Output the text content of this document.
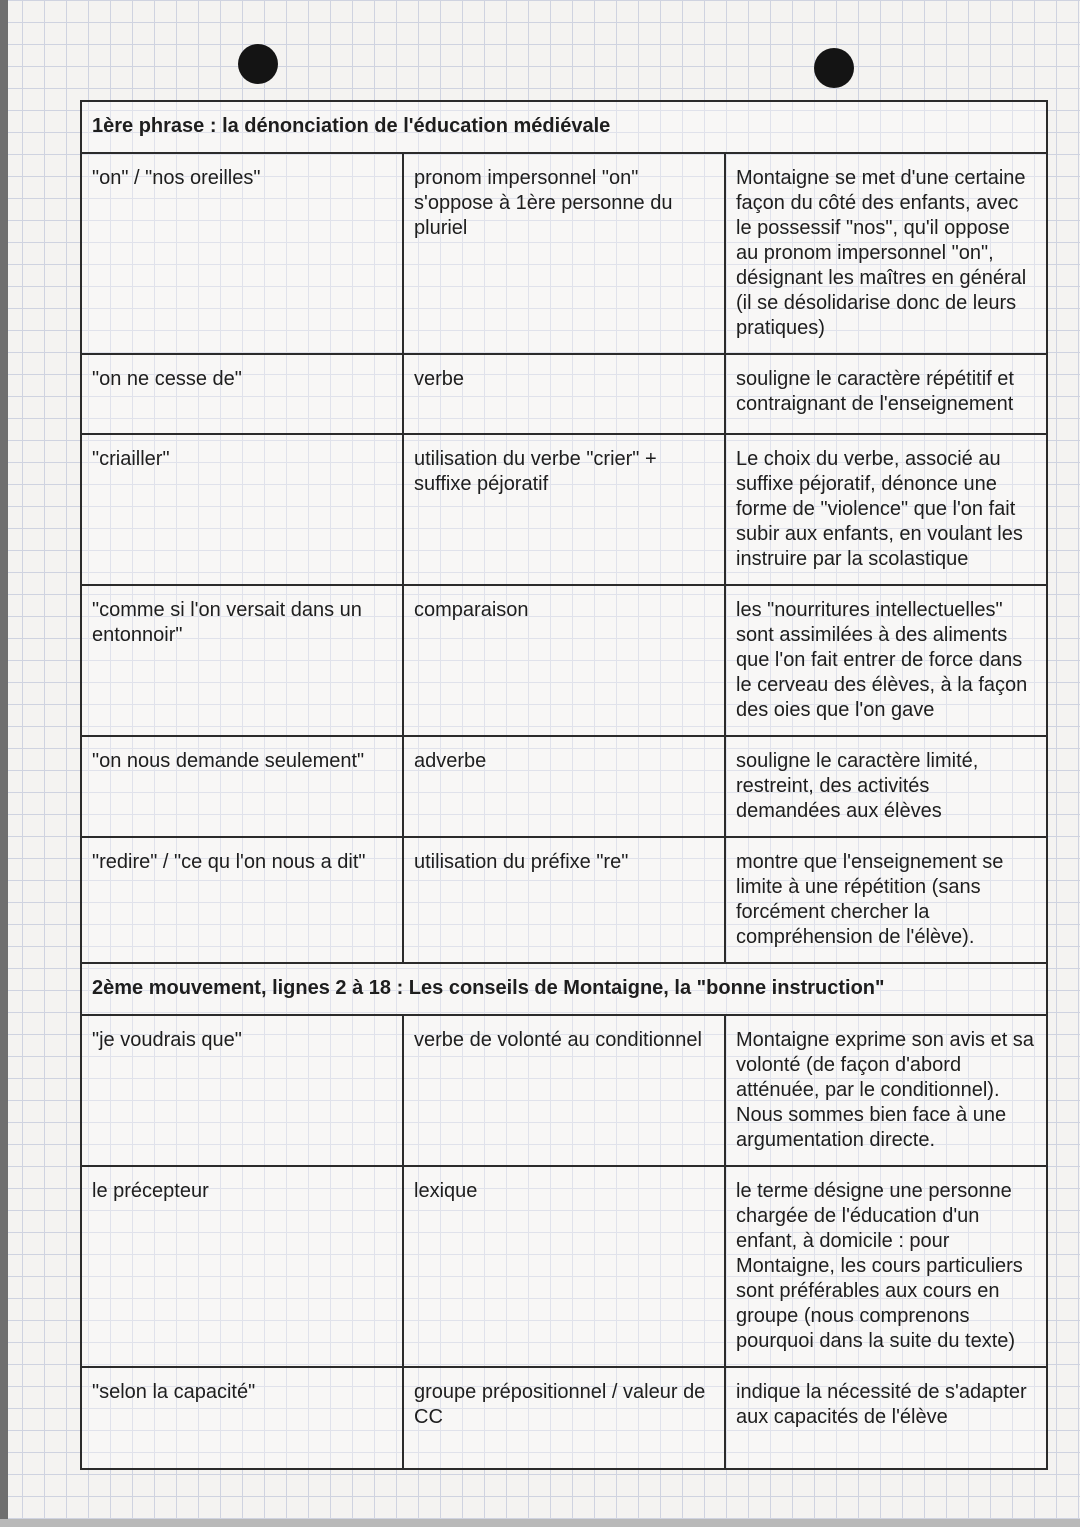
1ère phrase : la dénonciation de l'éducation médiévale		
"on" / "nos oreilles"	pronom impersonnel "on" s'oppose à 1ère personne du pluriel	Montaigne se met d'une certaine façon du côté des enfants, avec le possessif "nos", qu'il oppose au pronom impersonnel "on", désignant les maîtres en général (il se désolidarise donc de leurs pratiques)
"on ne cesse de"	verbe	souligne le caractère répétitif et contraignant de l'enseignement
"criailler"	utilisation du verbe "crier" + suffixe péjoratif	Le choix du verbe, associé au suffixe péjoratif, dénonce une forme de "violence" que l'on fait subir aux enfants, en voulant les instruire par la scolastique
"comme si l'on versait dans un entonnoir"	comparaison	les "nourritures intellectuelles" sont assimilées à des aliments que l'on fait entrer de force dans le cerveau des élèves, à la façon des oies que l'on gave
"on nous demande seulement"	adverbe	souligne le caractère limité, restreint, des activités demandées aux élèves
"redire" / "ce qu l'on nous a dit"	utilisation du préfixe "re"	montre que l'enseignement se limite à une répétition (sans forcément chercher la compréhension de l'élève).
2ème mouvement, lignes 2 à 18 : Les conseils de Montaigne, la "bonne instruction"		
"je voudrais que"	verbe de volonté au conditionnel	Montaigne exprime son avis et sa volonté (de façon d'abord atténuée, par le conditionnel). Nous sommes bien face à une argumentation directe.
le précepteur	lexique	le terme désigne une personne chargée de l'éducation d'un enfant, à domicile : pour Montaigne, les cours particuliers sont préférables aux cours en groupe (nous comprenons pourquoi dans la suite du texte)
"selon la capacité"	groupe prépositionnel / valeur de CC	indique la nécessité de s'adapter aux capacités de l'élève
